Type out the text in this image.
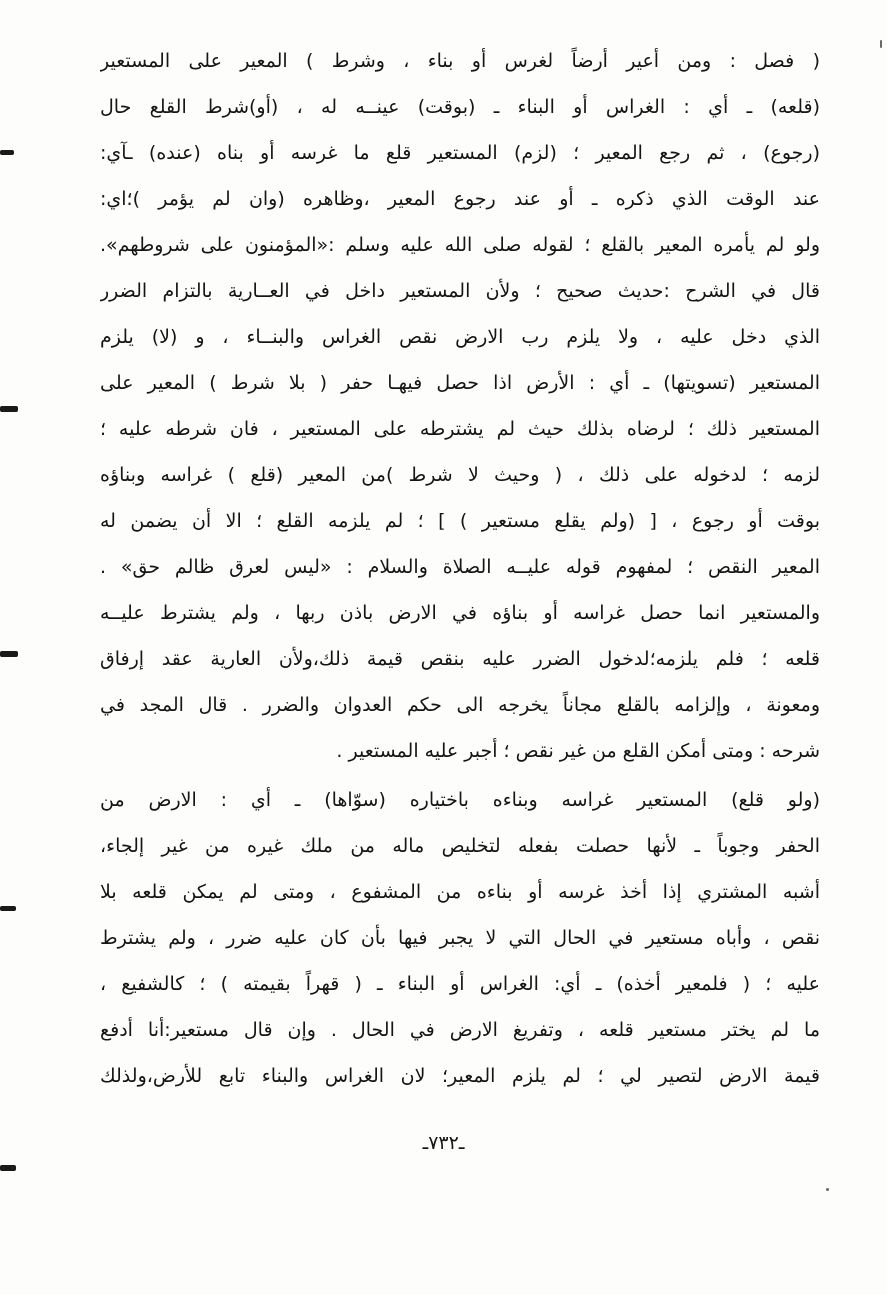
( فصل : ومن أعير أرضاً لغرس أو بناء ، وشرط ) المعير على المستعير
(قلعه) ـ أي : الغراس أو البناء ـ (بوقت) عينــه له ، (أو)شرط القلع حال
(رجوع) ، ثم رجع المعير ؛ (لزم) المستعير قلع ما غرسه أو بناه (عنده) ـآي:
عند الوقت الذي ذكره ـ أو عند رجوع المعير ،وظاهره (وان لم يؤمر )؛اي:
ولو لم يأمره المعير بالقلع ؛ لقوله صلى الله عليه وسلم :«المؤمنون على شروطهم».
قال في الشرح :حديث صحيح ؛ ولأن المستعير داخل في العــارية بالتزام الضرر
الذي دخل عليه ، ولا يلزم رب الارض نقص الغراس والبنــاء ، و (لا) يلزم
المستعير (تسويتها) ـ أي : الأرض اذا حصل فيهـا حفر ( بلا شرط ) المعير على
المستعير ذلك ؛ لرضاه بذلك حيث لم يشترطه على المستعير ، فان شرطه عليه ؛
لزمه ؛ لدخوله على ذلك ، ( وحيث لا شرط )من المعير (قلع ) غراسه وبناؤه
بوقت أو رجوع ، [ (ولم يقلع مستعير ) ] ؛ لم يلزمه القلع ؛ الا أن يضمن له
المعير النقص ؛ لمفهوم قوله عليــه الصلاة والسلام : «ليس لعرق ظالم حق» .
والمستعير انما حصل غراسه أو بناؤه في الارض باذن ربها ، ولم يشترط عليــه
قلعه ؛ فلم يلزمه؛لدخول الضرر عليه بنقص قيمة ذلك،ولأن العارية عقد إرفاق
ومعونة ، وإلزامه بالقلع مجاناً يخرجه الى حكم العدوان والضرر . قال المجد في
شرحه : ومتى أمكن القلع من غير نقص ؛ أجبر عليه المستعير .
(ولو قلع) المستعير غراسه وبناءه باختياره (سوّاها) ـ أي : الارض من
الحفر وجوباً ـ لأنها حصلت بفعله لتخليص ماله من ملك غيره من غير إلجاء،
أشبه المشتري إذا أخذ غرسه أو بناءه من المشفوع ، ومتى لم يمكن قلعه بلا
نقص ، وأباه مستعير في الحال التي لا يجبر فيها بأن كان عليه ضرر ، ولم يشترط
عليه ؛ ( فلمعير أخذه) ـ أي: الغراس أو البناء ـ ( قهراً بقيمته ) ؛ كالشفيع ،
ما لم يختر مستعير قلعه ، وتفريغ الارض في الحال . وإن قال مستعير:أنا أدفع
قيمة الارض لتصير لي ؛ لم يلزم المعير؛ لان الغراس والبناء تابع للأرض،ولذلك
ـ٧٣٢ـ
